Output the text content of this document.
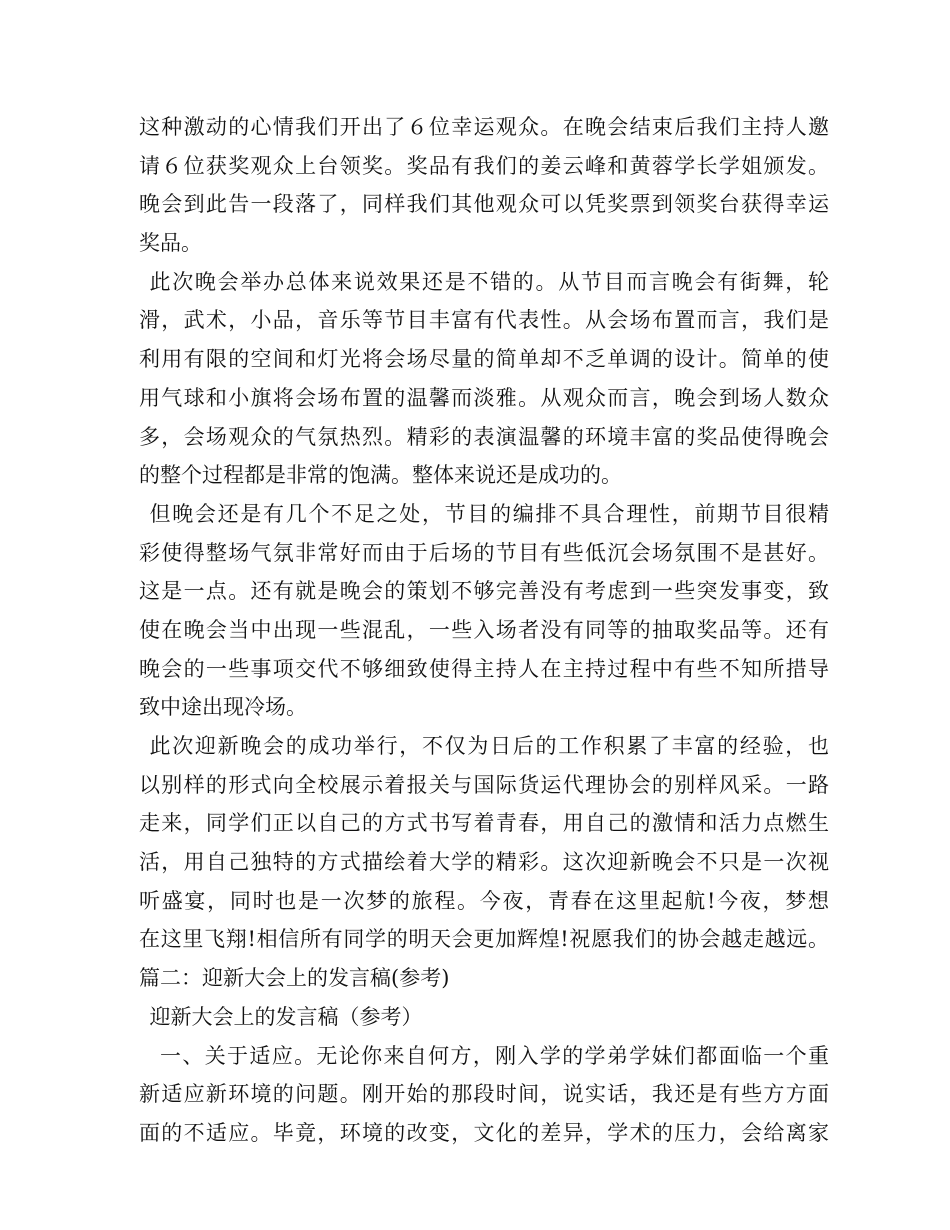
这种激动的心情我们开出了６位幸运观众。在晚会结束后我们主持人邀
请６位获奖观众上台领奖。奖品有我们的姜云峰和黄蓉学长学姐颁发。
晚会到此告一段落了，同样我们其他观众可以凭奖票到领奖台获得幸运
奖品。
此次晚会举办总体来说效果还是不错的。从节目而言晚会有街舞，轮
滑，武术，小品，音乐等节目丰富有代表性。从会场布置而言，我们是
利用有限的空间和灯光将会场尽量的简单却不乏单调的设计。简单的使
用气球和小旗将会场布置的温馨而淡雅。从观众而言，晚会到场人数众
多，会场观众的气氛热烈。精彩的表演温馨的环境丰富的奖品使得晚会
的整个过程都是非常的饱满。整体来说还是成功的。
但晚会还是有几个不足之处，节目的编排不具合理性，前期节目很精
彩使得整场气氛非常好而由于后场的节目有些低沉会场氛围不是甚好。
这是一点。还有就是晚会的策划不够完善没有考虑到一些突发事变，致
使在晚会当中出现一些混乱，一些入场者没有同等的抽取奖品等。还有
晚会的一些事项交代不够细致使得主持人在主持过程中有些不知所措导
致中途出现冷场。
此次迎新晚会的成功举行，不仅为日后的工作积累了丰富的经验，也
以别样的形式向全校展示着报关与国际货运代理协会的别样风采。一路
走来，同学们正以自己的方式书写着青春，用自己的激情和活力点燃生
活，用自己独特的方式描绘着大学的精彩。这次迎新晚会不只是一次视
听盛宴，同时也是一次梦的旅程。今夜，青春在这里起航!今夜，梦想
在这里飞翔!相信所有同学的明天会更加辉煌!祝愿我们的协会越走越远。
篇二：迎新大会上的发言稿(参考)
迎新大会上的发言稿（参考）
一、关于适应。无论你来自何方，刚入学的学弟学妹们都面临一个重
新适应新环境的问题。刚开始的那段时间，说实话，我还是有些方方面
面的不适应。毕竟，环境的改变，文化的差异，学术的压力，会给离家
